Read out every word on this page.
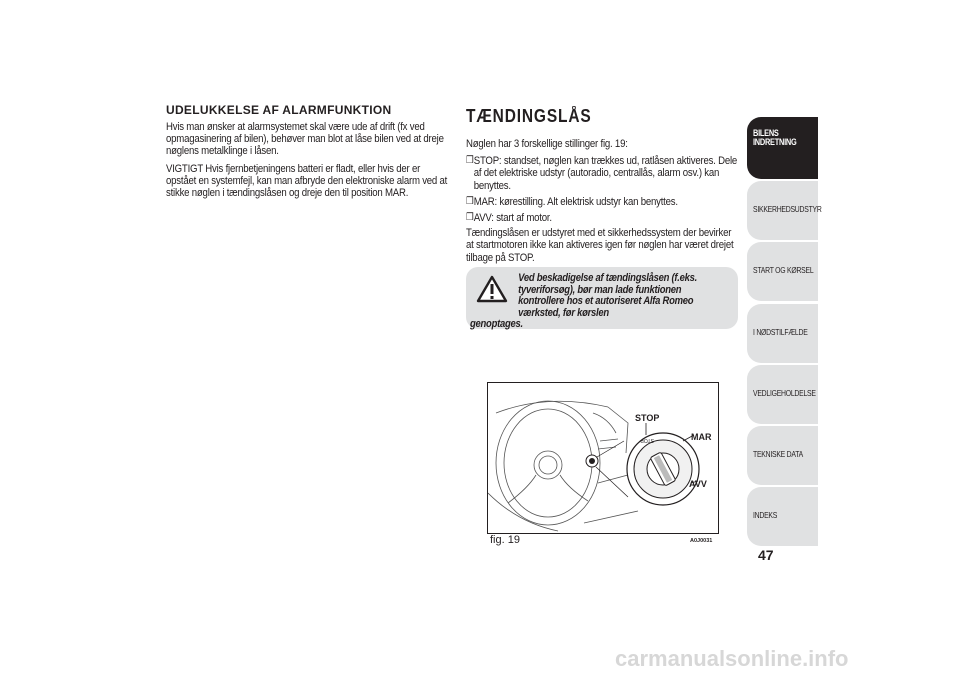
UDELUKKELSE AF ALARMFUNKTION

Hvis man ønsker at alarmsystemet skal være ude af drift (fx ved opmagasinering af bilen), behøver man blot at låse bilen ved at dreje nøglens metalklinge i låsen.

VIGTIGT Hvis fjernbetjeningens batteri er fladt, eller hvis der er opstået en systemfejl, kan man afbryde den elektroniske alarm ved at stikke nøglen i tændingslåsen og dreje den til position MAR.

TÆNDINGSLÅS

Nøglen har 3 forskellige stillinger fig. 19:

❒ STOP: standset, nøglen kan trækkes ud, ratlåsen aktiveres. Dele af det elektriske udstyr (autoradio, centrallås, alarm osv.) kan benyttes.
❒ MAR: kørestilling. Alt elektrisk udstyr kan benyttes.
❒ AVV: start af motor.

Tændingslåsen er udstyret med et sikkerhedssystem der bevirker at startmotoren ikke kan aktiveres igen før nøglen har været drejet tilbage på STOP.

Ved beskadigelse af tændingslåsen (f.eks. tyveriforsøg), bør man lade funktionen kontrollere hos et autoriseret Alfa Romeo værksted, før kørslen
genoptages.
STOP
STOP
MAR
AVV
fig. 19	A0J0031
BILENS INDRETNING
SIKKERHEDSUDSTYR
START OG KØRSEL
I NØDSTILFÆLDE
VEDLIGEHOLDELSE
TEKNISKE DATA
INDEKS
47
carmanualsonline.info
